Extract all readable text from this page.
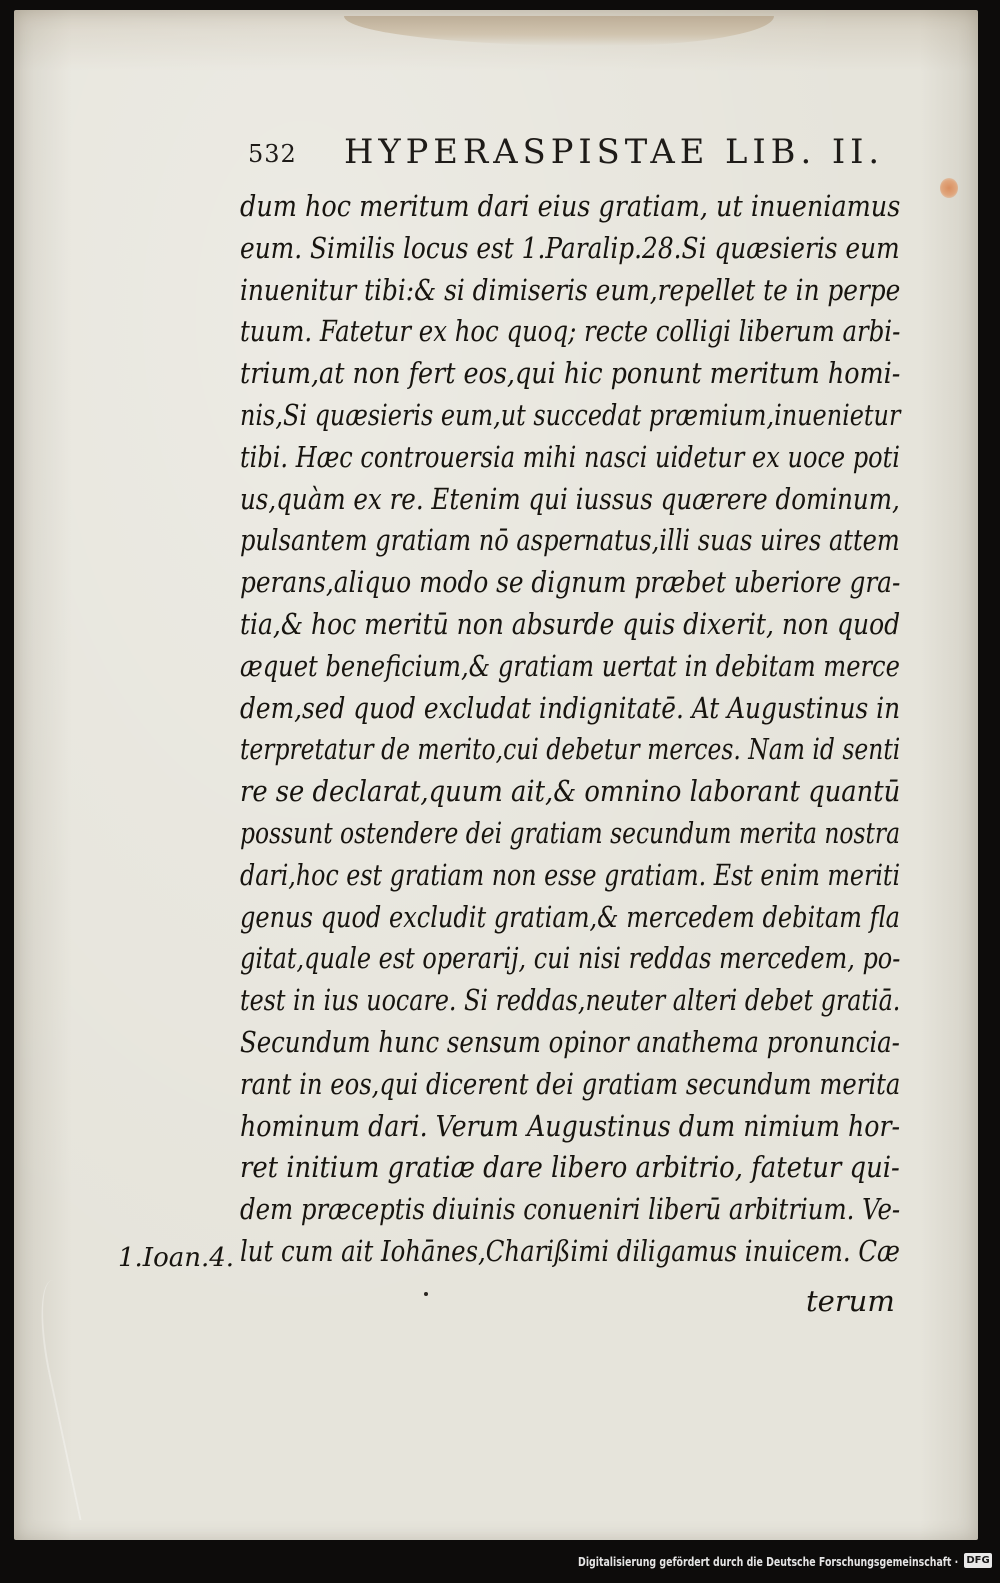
532 HYPERASPISTAE LIB. II.
dum hoc meritum dari eius gratiam, ut inueniamus
eum. Similis locus est 1.Paralip.28.Si quæsieris eum
inuenitur tibi:& si dimiseris eum,repellet te in perpe
tuum. Fatetur ex hoc quoq; recte colligi liberum arbi-
trium,at non fert eos,qui hic ponunt meritum homi-
nis,Si quæsieris eum,ut succedat præmium,inuenietur
tibi. Hæc controuersia mihi nasci uidetur ex uoce poti
us,quàm ex re. Etenim qui iussus quærere dominum,
pulsantem gratiam nō aspernatus,illi suas uires attem
perans,aliquo modo se dignum præbet uberiore gra-
tia,& hoc meritū non absurde quis dixerit, non quod
æquet beneficium,& gratiam uertat in debitam merce
dem,sed quod excludat indignitatē. At Augustinus in
terpretatur de merito,cui debetur merces. Nam id senti
re se declarat,quum ait,& omnino laborant quantū
possunt ostendere dei gratiam secundum merita nostra
dari,hoc est gratiam non esse gratiam. Est enim meriti
genus quod excludit gratiam,& mercedem debitam fla
gitat,quale est operarij, cui nisi reddas mercedem, po-
test in ius uocare. Si reddas,neuter alteri debet gratiā.
Secundum hunc sensum opinor anathema pronuncia-
rant in eos,qui dicerent dei gratiam secundum merita
hominum dari. Verum Augustinus dum nimium hor-
ret initium gratiæ dare libero arbitrio, fatetur qui-
dem præceptis diuinis conueniri liberū arbitrium. Ve-
lut cum ait Iohānes,Charißimi diligamus inuicem. Cæ
1.Ioan.4.
terum
Digitalisierung gefördert durch die Deutsche Forschungsgemeinschaft · DFG
